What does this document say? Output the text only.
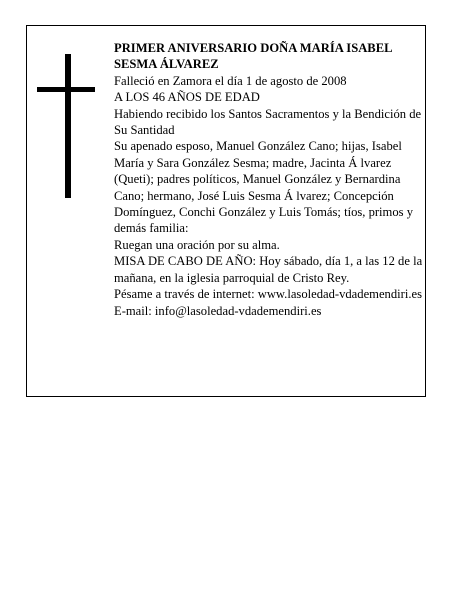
PRIMER ANIVERSARIO DOÑA MARÍA ISABEL SESMA ÁLVAREZ

Falleció en Zamora el día 1 de agosto de 2008

A LOS 46 AÑOS DE EDAD

Habiendo recibido los Santos Sacramentos y la Bendición de Su Santidad

Su apenado esposo, Manuel González Cano; hijas, Isabel María y Sara González Sesma; madre, Jacinta Á lvarez (Queti); padres políticos, Manuel González y Bernardina Cano; hermano, José Luis Sesma Á lvarez; Concepción Domínguez, Conchi González y Luis Tomás; tíos, primos y demás familia:

Ruegan una oración por su alma.

MISA DE CABO DE AÑO: Hoy sábado, día 1, a las 12 de la mañana, en la iglesia parroquial de Cristo Rey.

Pésame a través de internet: www.lasoledad-vdademendiri.es

E-mail: info@lasoledad-vdademendiri.es
